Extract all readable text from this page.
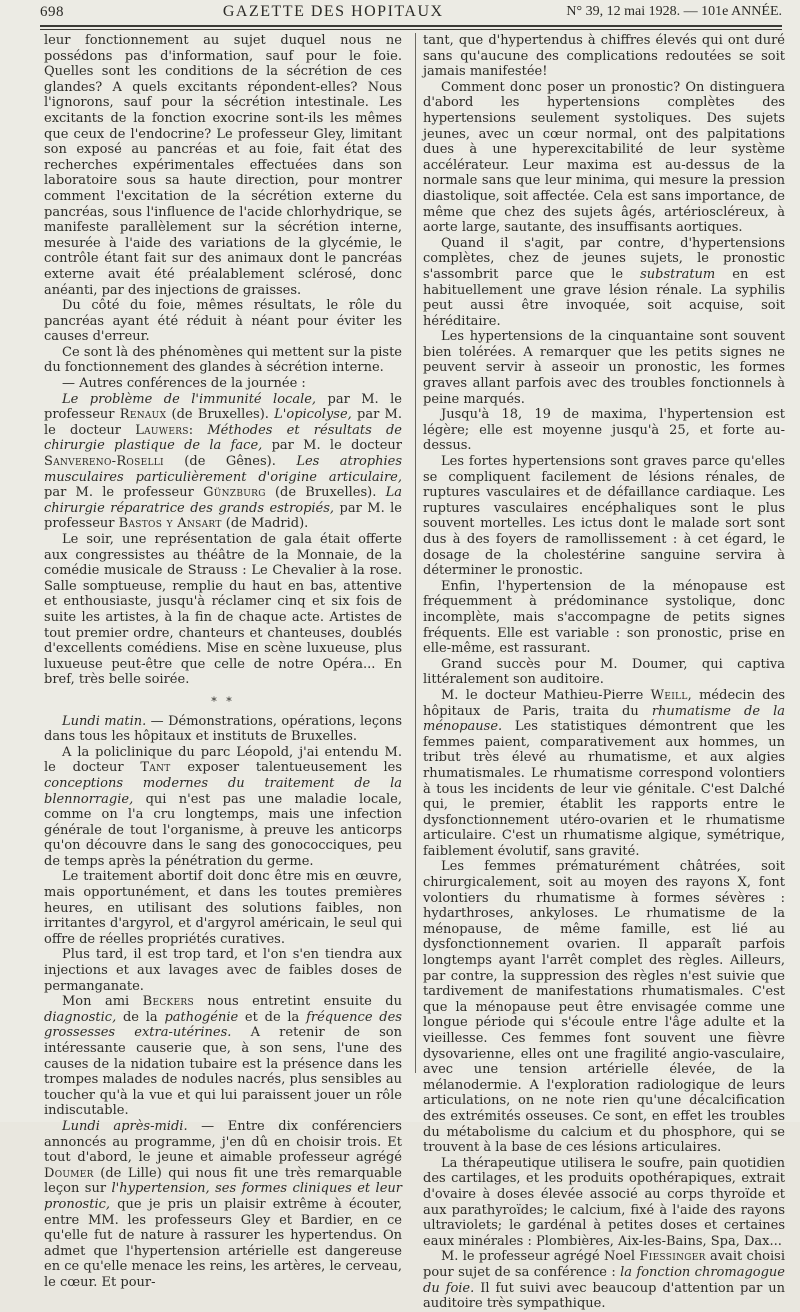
698	GAZETTE DES HOPITAUX	N° 39, 12 mai 1928. — 101e ANNÉE.

leur fonctionnement au sujet duquel nous ne possédons pas d'information, sauf pour le foie. Quelles sont les conditions de la sécrétion de ces glandes? A quels excitants répondent-elles? Nous l'ignorons, sauf pour la sécrétion intestinale. Les excitants de la fonction exocrine sont-ils les mêmes que ceux de l'endocrine? Le professeur Gley, limitant son exposé au pancréas et au foie, fait état des recherches expérimentales effectuées dans son laboratoire sous sa haute direction, pour montrer comment l'excitation de la sécrétion externe du pancréas, sous l'influence de l'acide chlorhydrique, se manifeste parallèlement sur la sécrétion interne, mesurée à l'aide des variations de la glycémie, le contrôle étant fait sur des animaux dont le pancréas externe avait été préalablement sclérosé, donc anéanti, par des injections de graisses.

Du côté du foie, mêmes résultats, le rôle du pancréas ayant été réduit à néant pour éviter les causes d'erreur.

Ce sont là des phénomènes qui mettent sur la piste du fonctionnement des glandes à sécrétion interne.

— Autres conférences de la journée :

Le problème de l'immunité locale, par M. le professeur Renaux (de Bruxelles). L'opicolyse, par M. le docteur Lauwers: Méthodes et résultats de chirurgie plastique de la face, par M. le docteur Sanvereno-Roselli (de Gênes). Les atrophies musculaires particulièrement d'origine articulaire, par M. le professeur Günzburg (de Bruxelles). La chirurgie réparatrice des grands estropiés, par M. le professeur Bastos y Ansart (de Madrid).

Le soir, une représentation de gala était offerte aux congressistes au théâtre de la Monnaie, de la comédie musicale de Strauss : Le Chevalier à la rose. Salle somptueuse, remplie du haut en bas, attentive et enthousiaste, jusqu'à réclamer cinq et six fois de suite les artistes, à la fin de chaque acte. Artistes de tout premier ordre, chanteurs et chanteuses, doublés d'excellents comédiens. Mise en scène luxueuse, plus luxueuse peut-être que celle de notre Opéra... En bref, très belle soirée.

* *

Lundi matin. — Démonstrations, opérations, leçons dans tous les hôpitaux et instituts de Bruxelles.

A la policlinique du parc Léopold, j'ai entendu M. le docteur Tant exposer talentueusement les conceptions modernes du traitement de la blennorragie, qui n'est pas une maladie locale, comme on l'a cru longtemps, mais une infection générale de tout l'organisme, à preuve les anticorps qu'on découvre dans le sang des gonococciques, peu de temps après la pénétration du germe.

Le traitement abortif doit donc être mis en œuvre, mais opportunément, et dans les toutes premières heures, en utilisant des solutions faibles, non irritantes d'argyrol, et d'argyrol américain, le seul qui offre de réelles propriétés curatives.

Plus tard, il est trop tard, et l'on s'en tiendra aux injections et aux lavages avec de faibles doses de permanganate.

Mon ami Beckers nous entretint ensuite du diagnostic, de la pathogénie et de la fréquence des grossesses extra-utérines. A retenir de son intéressante causerie que, à son sens, l'une des causes de la nidation tubaire est la présence dans les trompes malades de nodules nacrés, plus sensibles au toucher qu'à la vue et qui lui paraissent jouer un rôle indiscutable.

Lundi après-midi. — Entre dix conférenciers annoncés au programme, j'en dû en choisir trois. Et tout d'abord, le jeune et aimable professeur agrégé Doumer (de Lille) qui nous fit une très remarquable leçon sur l'hypertension, ses formes cliniques et leur pronostic, que je pris un plaisir extrême à écouter, entre MM. les professeurs Gley et Bardier, en ce qu'elle fut de nature à rassurer les hypertendus. On admet que l'hypertension artérielle est dangereuse en ce qu'elle menace les reins, les artères, le cerveau, le cœur. Et pour-

tant, que d'hypertendus à chiffres élevés qui ont duré sans qu'aucune des complications redoutées se soit jamais manifestée!

Comment donc poser un pronostic? On distinguera d'abord les hypertensions complètes des hypertensions seulement systoliques. Des sujets jeunes, avec un cœur normal, ont des palpitations dues à une hyperexcitabilité de leur système accélérateur. Leur maxima est au-dessus de la normale sans que leur minima, qui mesure la pression diastolique, soit affectée. Cela est sans importance, de même que chez des sujets âgés, artérioscléreux, à aorte large, sautante, des insuffisants aortiques.

Quand il s'agit, par contre, d'hypertensions complètes, chez de jeunes sujets, le pronostic s'assombrit parce que le substratum en est habituellement une grave lésion rénale. La syphilis peut aussi être invoquée, soit acquise, soit héréditaire.

Les hypertensions de la cinquantaine sont souvent bien tolérées. A remarquer que les petits signes ne peuvent servir à asseoir un pronostic, les formes graves allant parfois avec des troubles fonctionnels à peine marqués.

Jusqu'à 18, 19 de maxima, l'hypertension est légère; elle est moyenne jusqu'à 25, et forte au-dessus.

Les fortes hypertensions sont graves parce qu'elles se compliquent facilement de lésions rénales, de ruptures vasculaires et de défaillance cardiaque. Les ruptures vasculaires encéphaliques sont le plus souvent mortelles. Les ictus dont le malade sort sont dus à des foyers de ramollissement : à cet égard, le dosage de la cholestérine sanguine servira à déterminer le pronostic.

Enfin, l'hypertension de la ménopause est fréquemment à prédominance systolique, donc incomplète, mais s'accompagne de petits signes fréquents. Elle est variable : son pronostic, prise en elle-même, est rassurant.

Grand succès pour M. Doumer, qui captiva littéralement son auditoire.

M. le docteur Mathieu-Pierre Weill, médecin des hôpitaux de Paris, traita du rhumatisme de la ménopause. Les statistiques démontrent que les femmes paient, comparativement aux hommes, un tribut très élevé au rhumatisme, et aux algies rhumatismales. Le rhumatisme correspond volontiers à tous les incidents de leur vie génitale. C'est Dalché qui, le premier, établit les rapports entre le dysfonctionnement utéro-ovarien et le rhumatisme articulaire. C'est un rhumatisme algique, symétrique, faiblement évolutif, sans gravité.

Les femmes prématurément châtrées, soit chirurgicalement, soit au moyen des rayons X, font volontiers du rhumatisme à formes sévères : hydarthroses, ankyloses. Le rhumatisme de la ménopause, de même famille, est lié au dysfonctionnement ovarien. Il apparaît parfois longtemps ayant l'arrêt complet des règles. Ailleurs, par contre, la suppression des règles n'est suivie que tardivement de manifestations rhumatismales. C'est que la ménopause peut être envisagée comme une longue période qui s'écoule entre l'âge adulte et la vieillesse. Ces femmes font souvent une fièvre dysovarienne, elles ont une fragilité angio-vasculaire, avec une tension artérielle élevée, de la mélanodermie. A l'exploration radiologique de leurs articulations, on ne note rien qu'une décalcification des extrémités osseuses. Ce sont, en effet les troubles du métabolisme du calcium et du phosphore, qui se trouvent à la base de ces lésions articulaires.

La thérapeutique utilisera le soufre, pain quotidien des cartilages, et les produits opothérapiques, extrait d'ovaire à doses élevée associé au corps thyroïde et aux parathyroïdes; le calcium, fixé à l'aide des rayons ultraviolets; le gardénal à petites doses et certaines eaux minérales : Plombières, Aix-les-Bains, Spa, Dax...

M. le professeur agrégé Noel Fiessinger avait choisi pour sujet de sa conférence : la fonction chromagogue du foie. Il fut suivi avec beaucoup d'attention par un auditoire très sympathique.
